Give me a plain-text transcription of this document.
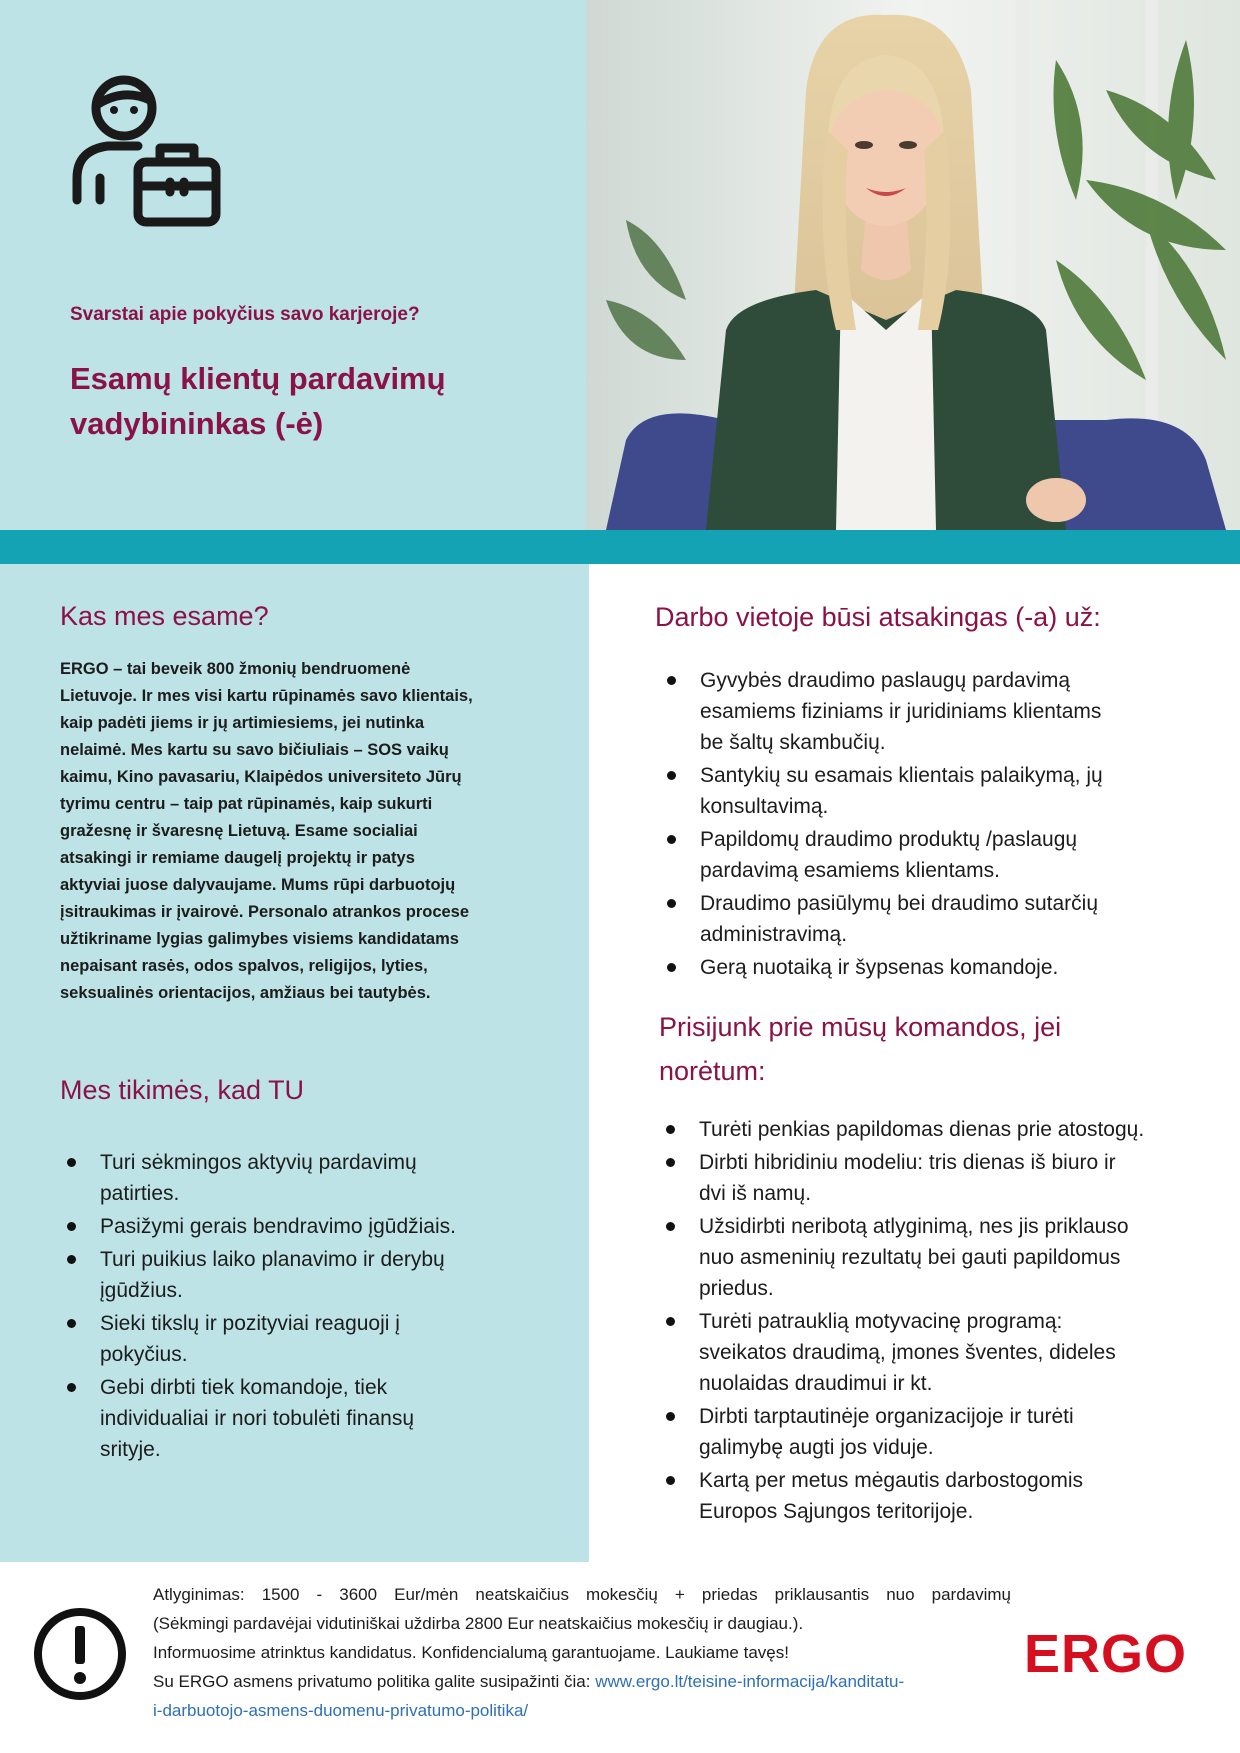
Svarstai apie pokyčius savo karjeroje?
Esamų klientų pardavimų
vadybininkas (-ė)
Kas mes esame?
ERGO – tai beveik 800 žmonių bendruomenė
Lietuvoje. Ir mes visi kartu rūpinamės savo klientais,
kaip padėti jiems ir jų artimiesiems, jei nutinka
nelaimė. Mes kartu su savo bičiuliais – SOS vaikų
kaimu, Kino pavasariu, Klaipėdos universiteto Jūrų
tyrimu centru – taip pat rūpinamės, kaip sukurti
gražesnę ir švaresnę Lietuvą. Esame socialiai
atsakingi ir remiame daugelį projektų ir patys
aktyviai juose dalyvaujame. Mums rūpi darbuotojų
įsitraukimas ir įvairovė. Personalo atrankos procese
užtikriname lygias galimybes visiems kandidatams
nepaisant rasės, odos spalvos, religijos, lyties,
seksualinės orientacijos, amžiaus bei tautybės.
Mes tikimės, kad TU
Turi sėkmingos aktyvių pardavimų
patirties.
Pasižymi gerais bendravimo įgūdžiais.
Turi puikius laiko planavimo ir derybų
įgūdžius.
Sieki tikslų ir pozityviai reaguoji į
pokyčius.
Gebi dirbti tiek komandoje, tiek
individualiai ir nori tobulėti finansų
srityje.
Darbo vietoje būsi atsakingas (-a) už:
Gyvybės draudimo paslaugų pardavimą
esamiems fiziniams ir juridiniams klientams
be šaltų skambučių.
Santykių su esamais klientais palaikymą, jų
konsultavimą.
Papildomų draudimo produktų /paslaugų
pardavimą esamiems klientams.
Draudimo pasiūlymų bei draudimo sutarčių
administravimą.
Gerą nuotaiką ir šypsenas komandoje.
Prisijunk prie mūsų komandos, jei
norėtum:
Turėti penkias papildomas dienas prie atostogų.
Dirbti hibridiniu modeliu: tris dienas iš biuro ir
dvi iš namų.
Užsidirbti neribotą atlyginimą, nes jis priklauso
nuo asmeninių rezultatų bei gauti papildomus
priedus.
Turėti patrauklią motyvacinę programą:
sveikatos draudimą, įmones šventes, dideles
nuolaidas draudimui ir kt.
Dirbti tarptautinėje organizacijoje ir turėti
galimybę augti jos viduje.
Kartą per metus mėgautis darbostogomis
Europos Sąjungos teritorijoje.
Atlyginimas: 1500 - 3600 Eur/mėn neatskaičius mokesčių + priedas priklausantis nuo pardavimų
(Sėkmingi pardavėjai vidutiniškai uždirba 2800 Eur neatskaičius mokesčių ir daugiau.).
Informuosime atrinktus kandidatus. Konfidencialumą garantuojame. Laukiame tavęs!
Su ERGO asmens privatumo politika galite susipažinti čia: www.ergo.lt/teisine-informacija/kanditatu-
i-darbuotojo-asmens-duomenu-privatumo-politika/
ERGO
